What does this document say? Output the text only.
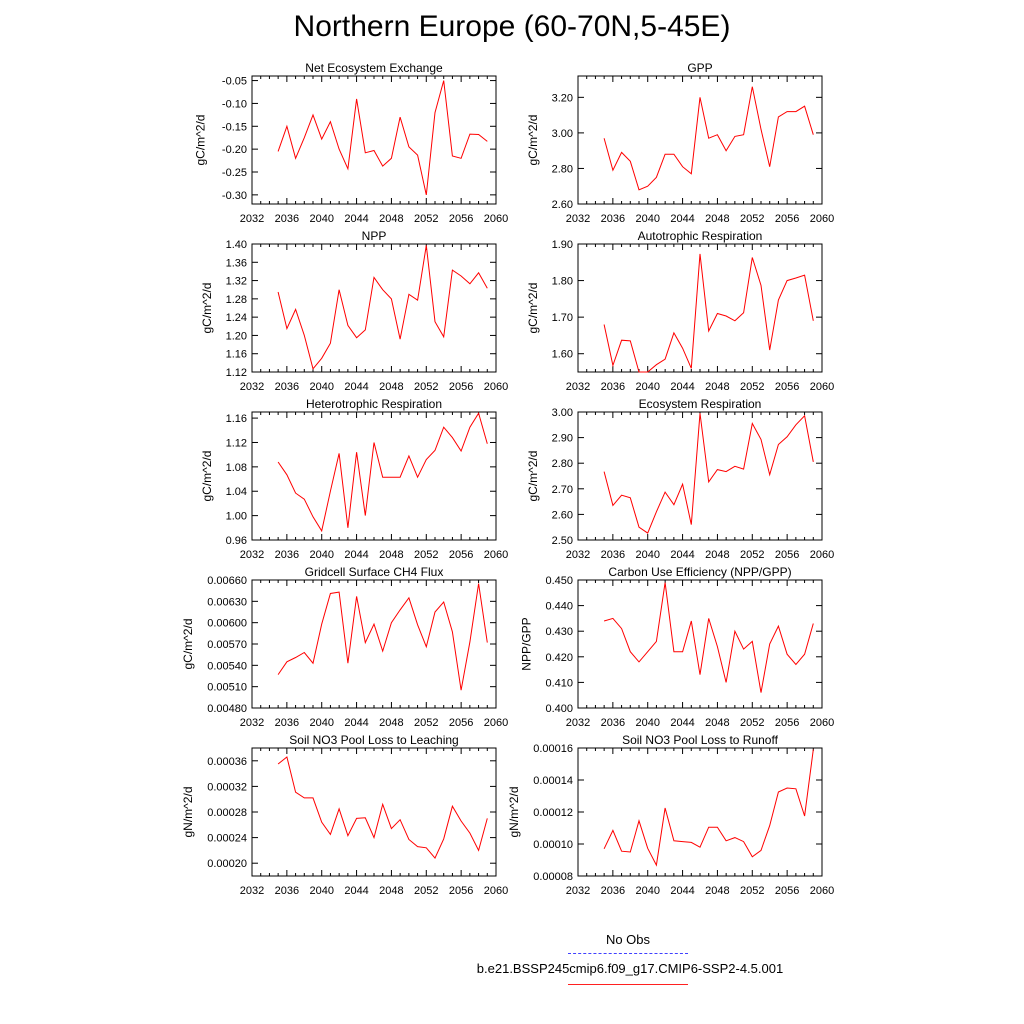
Northern Europe (60-70N,5-45E)
Net Ecosystem Exchange
2032 2036 2040 2044 2048 2052 2056 2060
-0.30
-0.25
-0.20
-0.15
-0.10
-0.05
gC/m^2/d
GPP
2032 2036 2040 2044 2048 2052 2056 2060
2.60
2.80
3.00
3.20
gC/m^2/d
NPP
2032 2036 2040 2044 2048 2052 2056 2060
1.12
1.16
1.20
1.24
1.28
1.32
1.36
1.40
gC/m^2/d
Autotrophic Respiration
2032 2036 2040 2044 2048 2052 2056 2060
1.60
1.70
1.80
1.90
gC/m^2/d
Heterotrophic Respiration
2032 2036 2040 2044 2048 2052 2056 2060
0.96
1.00
1.04
1.08
1.12
1.16
gC/m^2/d
Ecosystem Respiration
2032 2036 2040 2044 2048 2052 2056 2060
2.50
2.60
2.70
2.80
2.90
3.00
gC/m^2/d
Gridcell Surface CH4 Flux
2032 2036 2040 2044 2048 2052 2056 2060
0.00480
0.00510
0.00540
0.00570
0.00600
0.00630
0.00660
gC/m^2/d
Carbon Use Efficiency (NPP/GPP)
2032 2036 2040 2044 2048 2052 2056 2060
0.400
0.410
0.420
0.430
0.440
0.450
NPP/GPP
Soil NO3 Pool Loss to Leaching
2032 2036 2040 2044 2048 2052 2056 2060
0.00020
0.00024
0.00028
0.00032
0.00036
gN/m^2/d
Soil NO3 Pool Loss to Runoff
2032 2036 2040 2044 2048 2052 2056 2060
0.00008
0.00010
0.00012
0.00014
0.00016
gN/m^2/d
No Obs
b.e21.BSSP245cmip6.f09_g17.CMIP6-SSP2-4.5.001
